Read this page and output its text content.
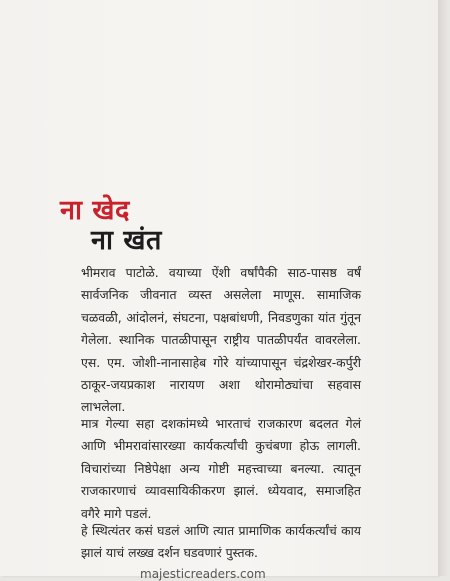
ना खेद
ना खंत

भीमराव पाटोळे. वयाच्या ऐंशी वर्षांपैकी साठ-पासष्ठ वर्षं सार्वजनिक जीवनात व्यस्त असलेला माणूस. सामाजिक चळवळी, आंदोलनं, संघटना, पक्षबांधणी, निवडणुका यांत गुंतून गेलेला. स्थानिक पातळीपासून राष्ट्रीय पातळीपर्यंत वावरलेला. एस. एम. जोशी-नानासाहेब गोरे यांच्यापासून चंद्रशेखर-कर्पुरी ठाकूर-जयप्रकाश नारायण अशा थोरामोठ्यांचा सहवास लाभलेला.

मात्र गेल्या सहा दशकांमध्ये भारताचं राजकारण बदलत गेलं आणि भीमरावांसारख्या कार्यकर्त्यांची कुचंबणा होऊ लागली. विचारांच्या निष्ठेपेक्षा अन्य गोष्टी महत्त्वाच्या बनल्या. त्यातून राजकारणाचं व्यावसायिकीकरण झालं. ध्येयवाद, समाजहित वगैरे मागे पडलं.

हे स्थित्यंतर कसं घडलं आणि त्यात प्रामाणिक कार्यकर्त्यांचं काय झालं याचं लख्ख दर्शन घडवणारं पुस्तक.

majesticreaders.com
